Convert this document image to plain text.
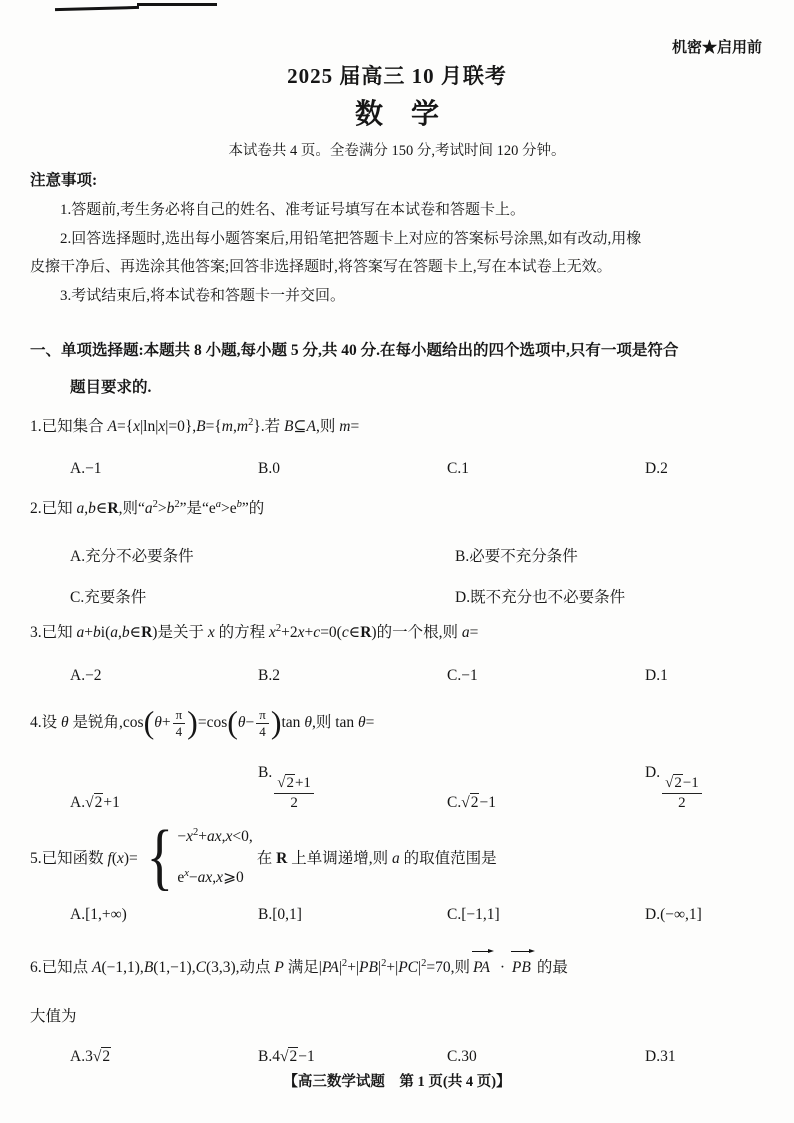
机密★启用前
2025 届高三 10 月联考
数　学
本试卷共 4 页。全卷满分 150 分,考试时间 120 分钟。
注意事项:
1.答题前,考生务必将自己的姓名、准考证号填写在本试卷和答题卡上。
2.回答选择题时,选出每小题答案后,用铅笔把答题卡上对应的答案标号涂黑,如有改动,用橡
皮擦干净后、再选涂其他答案;回答非选择题时,将答案写在答题卡上,写在本试卷上无效。
3.考试结束后,将本试卷和答题卡一并交回。
一、单项选择题:本题共 8 小题,每小题 5 分,共 40 分.在每小题给出的四个选项中,只有一项是符合
题目要求的.
1.已知集合 $A=\{x|\ln|x|=0\},B=\{m,m^2\}$.若 B⊆A,则 m=
A.−1	B.0	C.1	D.2
2.已知 a,b∈R,则“$a^2>b^2$”是“$e^a>e^b$”的
A.充分不必要条件	B.必要不充分条件
C.充要条件	D.既不充分也不必要条件
3.已知 a+bi(a,b∈R)是关于 x 的方程 $x^2+2x+c=0(c\in R)$的一个根,则 a=
A.−2	B.2	C.−1	D.1
4.设 θ 是锐角$,\cos(\theta+ \frac{\pi}{4} )=\cos(\theta- \frac{\pi}{4} )\tan$ θ,则 tan θ=
A.√2+1
B.
$\frac{√2+1}{2}$	C.√2−1
D.
$\frac{√2-1}{2}$
5.已知函数 f(x)= { $-x^2+ax,x<0$,
$e^x-ax,x⩾0$
在 R 上单调递增,则 a 的取值范围是
A.[1,+∞)	B.[0,1]	C.[−1,1]	D.(−∞,1]
6.已知点 A(−1,1),B(1,−1),C(3,3),动点 P 满足$|PA|^2+|PB|^2+|PC|^2=70$,则 PA · PB 的最
大值为
A.3√2	B.4√2−1	C.30	D.31
【高三数学试题　第 1 页(共 4 页)】
